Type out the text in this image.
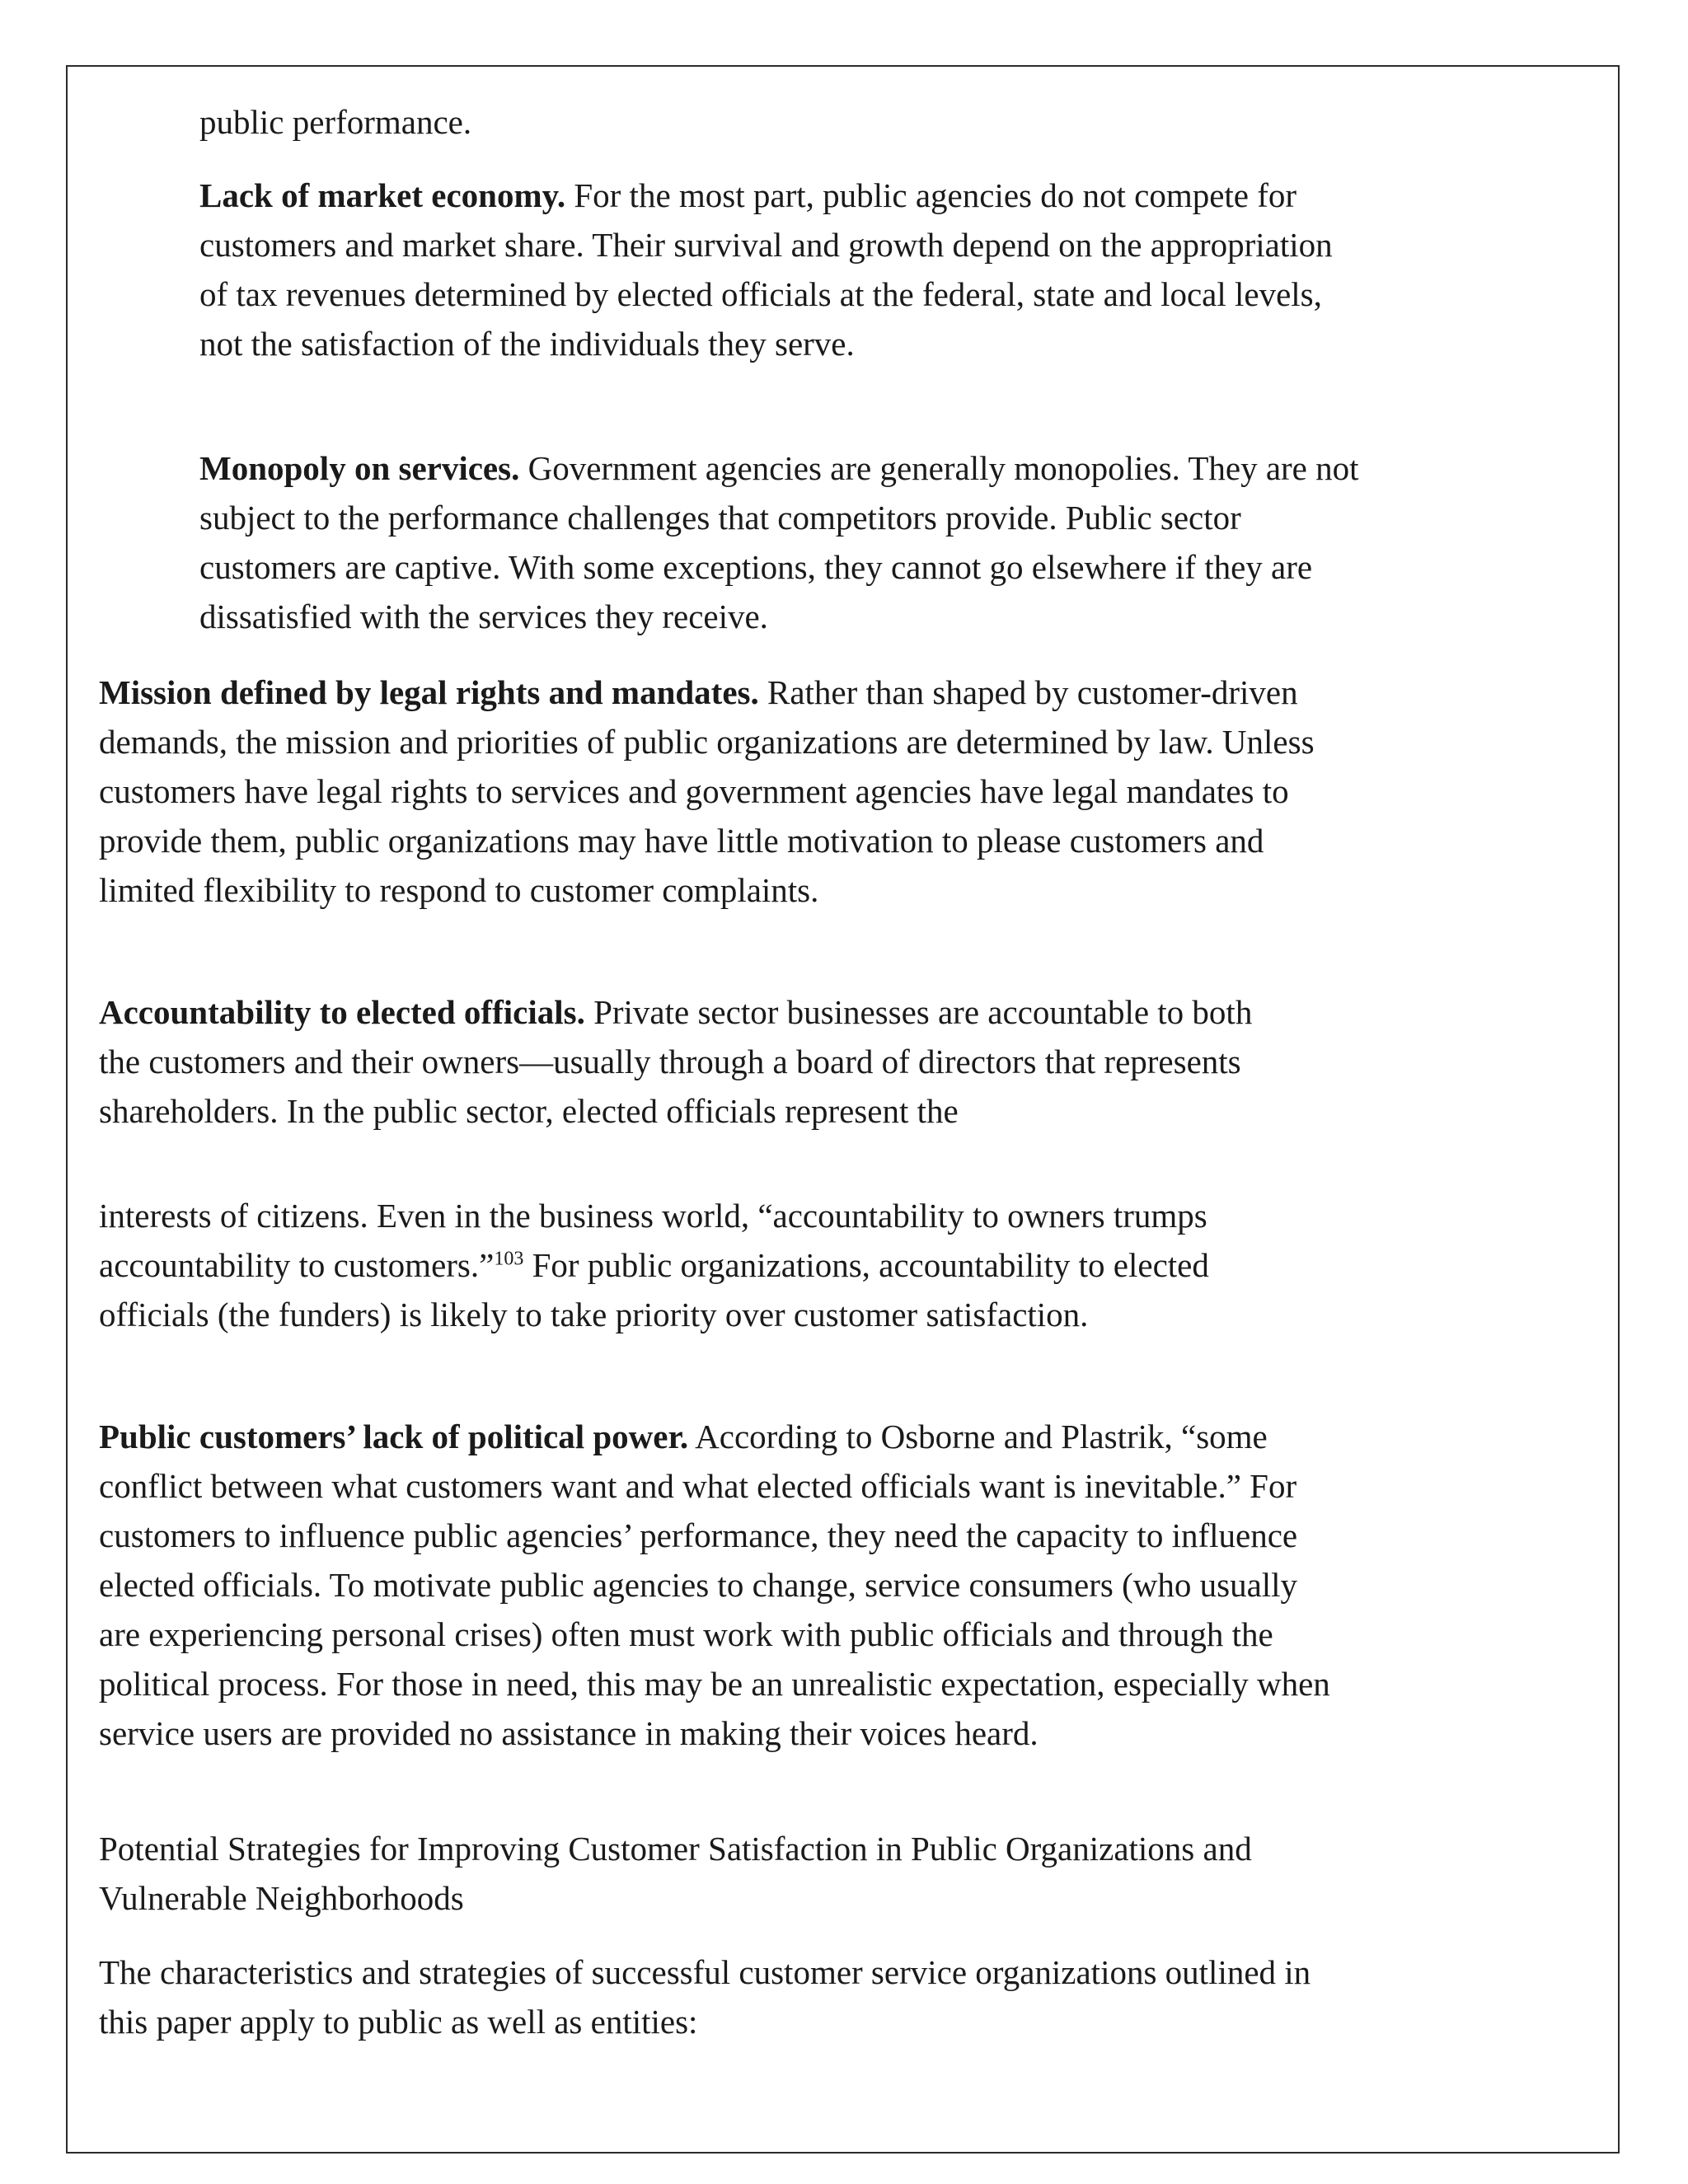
public performance.

Lack of market economy. For the most part, public agencies do not compete for customers and market share. Their survival and growth depend on the appropriation of tax revenues determined by elected officials at the federal, state and local levels, not the satisfaction of the individuals they serve.

Monopoly on services. Government agencies are generally monopolies. They are not subject to the performance challenges that competitors provide. Public sector customers are captive. With some exceptions, they cannot go elsewhere if they are dissatisfied with the services they receive.

Mission defined by legal rights and mandates. Rather than shaped by customer-driven demands, the mission and priorities of public organizations are determined by law. Unless customers have legal rights to services and government agencies have legal mandates to provide them, public organizations may have little motivation to please customers and limited flexibility to respond to customer complaints.

Accountability to elected officials. Private sector businesses are accountable to both the customers and their owners—usually through a board of directors that represents shareholders. In the public sector, elected officials represent the
interests of citizens. Even in the business world, “accountability to owners trumps accountability to customers.”$^{103}$ For public organizations, accountability to elected officials (the funders) is likely to take priority over customer satisfaction.

Public customers’ lack of political power. According to Osborne and Plastrik, “some conflict between what customers want and what elected officials want is inevitable.” For customers to influence public agencies’ performance, they need the capacity to influence elected officials. To motivate public agencies to change, service consumers (who usually are experiencing personal crises) often must work with public officials and through the political process. For those in need, this may be an unrealistic expectation, especially when service users are provided no assistance in making their voices heard.

Potential Strategies for Improving Customer Satisfaction in Public Organizations and Vulnerable Neighborhoods

The characteristics and strategies of successful customer service organizations outlined in this paper apply to public as well as entities:
